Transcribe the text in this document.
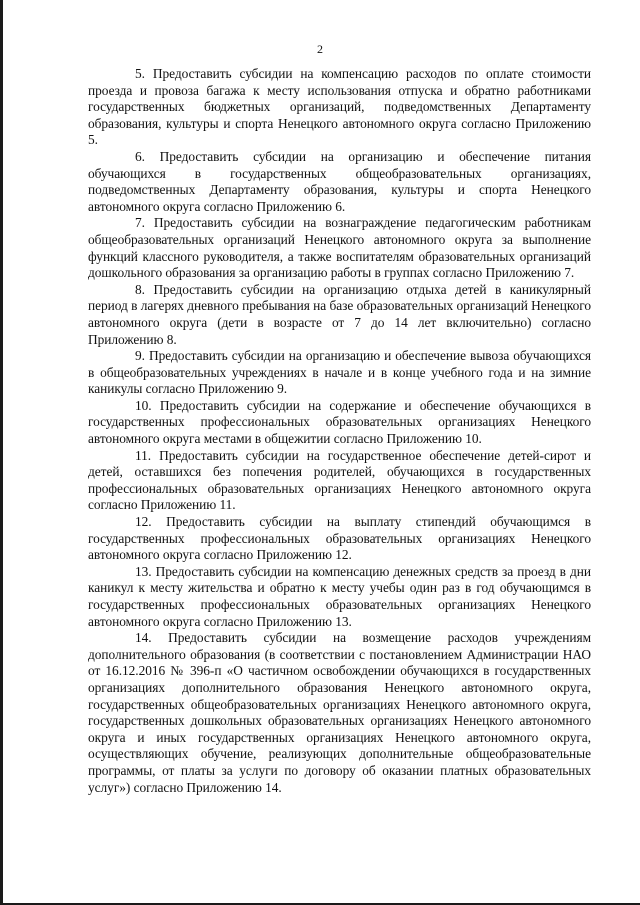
2

5. Предоставить субсидии на компенсацию расходов по оплате стоимости проезда и провоза багажа к месту использования отпуска и обратно работниками государственных бюджетных организаций, подведомственных Департаменту образования, культуры и спорта Ненецкого автономного округа согласно Приложению 5.

6. Предоставить субсидии на организацию и обеспечение питания обучающихся в государственных общеобразовательных организациях, подведомственных Департаменту образования, культуры и спорта Ненецкого автономного округа согласно Приложению 6.

7. Предоставить субсидии на вознаграждение педагогическим работникам общеобразовательных организаций Ненецкого автономного округа за выполнение функций классного руководителя, а также воспитателям образовательных организаций дошкольного образования за организацию работы в группах согласно Приложению 7.

8. Предоставить субсидии на организацию отдыха детей в каникулярный период в лагерях дневного пребывания на базе образовательных организаций Ненецкого автономного округа (дети в возрасте от 7 до 14 лет включительно) согласно Приложению 8.

9. Предоставить субсидии на организацию и обеспечение вывоза обучающихся в общеобразовательных учреждениях в начале и в конце учебного года и на зимние каникулы согласно Приложению 9.

10. Предоставить субсидии на содержание и обеспечение обучающихся в государственных профессиональных образовательных организациях Ненецкого автономного округа местами в общежитии согласно Приложению 10.

11. Предоставить субсидии на государственное обеспечение детей-сирот и детей, оставшихся без попечения родителей, обучающихся в государственных профессиональных образовательных организациях Ненецкого автономного округа согласно Приложению 11.

12. Предоставить субсидии на выплату стипендий обучающимся в государственных профессиональных образовательных организациях Ненецкого автономного округа согласно Приложению 12.

13. Предоставить субсидии на компенсацию денежных средств за проезд в дни каникул к месту жительства и обратно к месту учебы один раз в год обучающимся в государственных профессиональных образовательных организациях Ненецкого автономного округа согласно Приложению 13.

14. Предоставить субсидии на возмещение расходов учреждениям дополнительного образования (в соответствии с постановлением Администрации НАО от 16.12.2016 № 396-п «О частичном освобождении обучающихся в государственных организациях дополнительного образования Ненецкого автономного округа, государственных общеобразовательных организациях Ненецкого автономного округа, государственных дошкольных образовательных организациях Ненецкого автономного округа и иных государственных организациях Ненецкого автономного округа, осуществляющих обучение, реализующих дополнительные общеобразовательные программы, от платы за услуги по договору об оказании платных образовательных услуг») согласно Приложению 14.
